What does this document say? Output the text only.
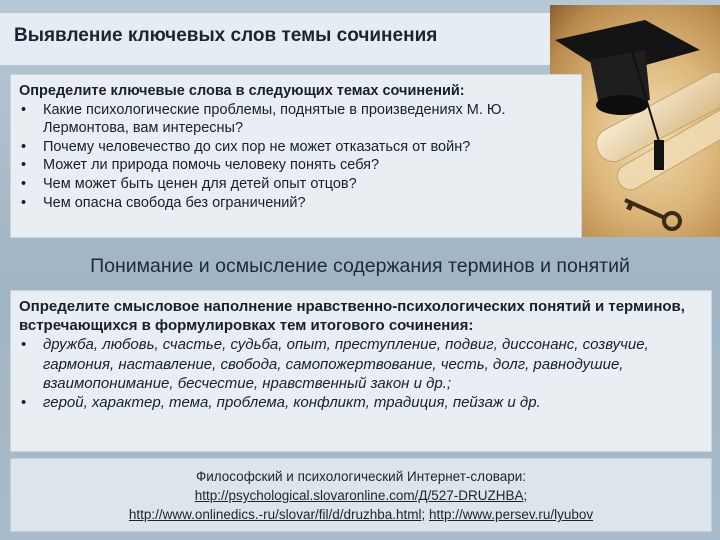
Выявление ключевых слов темы сочинения
Определите ключевые слова в следующих темах сочинений:
• Какие психологические проблемы, поднятые в произведениях М. Ю. Лермонтова, вам интересны?
• Почему человечество до сих пор не может отказаться от войн?
• Может ли природа помочь человеку понять себя?
• Чем может быть ценен для детей опыт отцов?
• Чем опасна свобода без ограничений?
Понимание и осмысление содержания терминов и понятий
Определите смысловое наполнение нравственно-психологических понятий и терминов, встречающихся в формулировках тем итогового сочинения:
• дружба, любовь, счастье, судьба, опыт, преступление, подвиг, диссонанс, созвучие, гармония, наставление, свобода, самопожертвование, честь, долг, равнодушие, взаимопонимание, бесчестие, нравственный закон и др.;
• герой, характер, тема, проблема, конфликт, традиция, пейзаж и др.
Философский и психологический Интернет-словари:
http://psychological.slovaronline.com/Д/527-DRUZHBA;
http://www.onlinedics.-ru/slovar/fil/d/druzhba.html; http://www.persev.ru/lyubov
